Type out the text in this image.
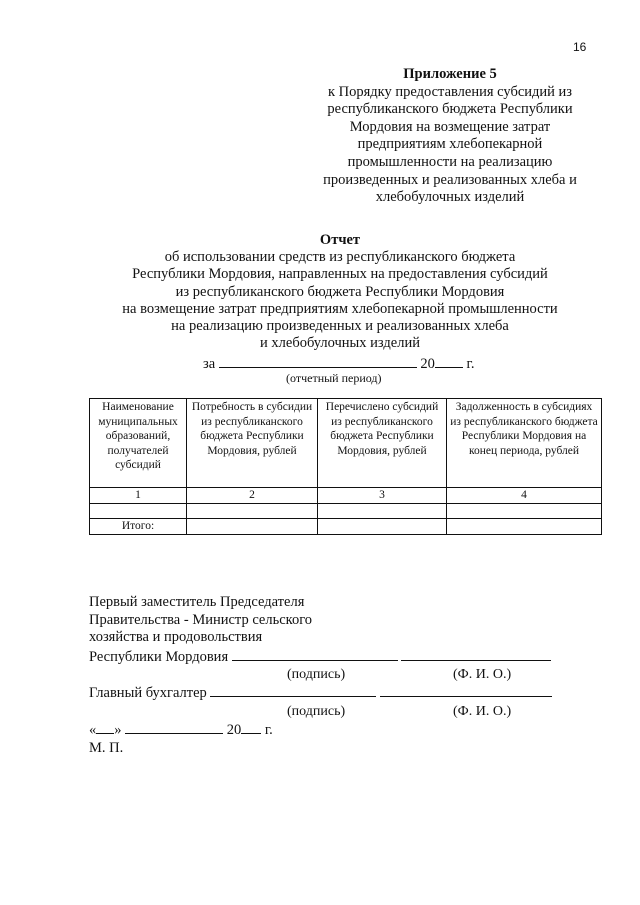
16
Приложение 5
к Порядку предоставления субсидий из
республиканского бюджета Республики
Мордовия на возмещение затрат
предприятиям хлебопекарной
промышленности на реализацию
произведенных и реализованных хлеба и
хлебобулочных изделий
Отчет
об использовании средств из республиканского бюджета
Республики Мордовия, направленных на предоставления субсидий
из республиканского бюджета Республики Мордовия
на возмещение затрат предприятиям хлебопекарной промышленности
на реализацию произведенных и реализованных хлеба
и хлебобулочных изделий
за	20 г.
(отчетный период)
Наименование муниципальных образований, получателей субсидий	Потребность в субсидии из республиканского бюджета Республики Мордовия, рублей	Перечислено субсидий из республиканского бюджета Республики Мордовия, рублей	Задолженность в субсидиях из республиканского бюджета Республики Мордовия на конец периода, рублей
1	2	3	4

Итого:			
Первый заместитель Председателя
Правительства - Министр сельского
хозяйства и продовольствия
Республики Мордовия
(подпись)	(Ф. И. О.)
Главный бухгалтер
(подпись)	(Ф. И. О.)
« »	20 г.
М. П.
